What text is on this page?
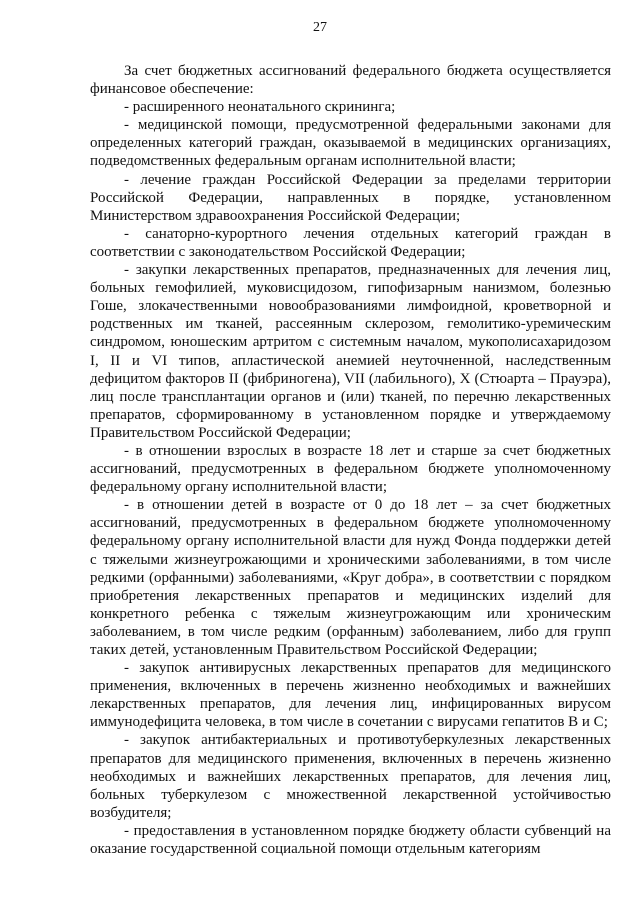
27

За счет бюджетных ассигнований федерального бюджета осуществляется финансовое обеспечение:

- расширенного неонатального скрининга;

- медицинской помощи, предусмотренной федеральными законами для определенных категорий граждан, оказываемой в медицинских организациях, подведомственных федеральным органам исполнительной власти;

- лечение граждан Российской Федерации за пределами территории Российской Федерации, направленных в порядке, установленном Министерством здравоохранения Российской Федерации;

- санаторно-курортного лечения отдельных категорий граждан в соответствии с законодательством Российской Федерации;

- закупки лекарственных препаратов, предназначенных для лечения лиц, больных гемофилией, муковисцидозом, гипофизарным нанизмом, болезнью Гоше, злокачественными новообразованиями лимфоидной, кроветворной и родственных им тканей, рассеянным склерозом, гемолитико-уремическим синдромом, юношеским артритом с системным началом, мукополисахаридозом I, II и VI типов, апластической анемией неуточненной, наследственным дефицитом факторов II (фибриногена), VII (лабильного), X (Стюарта – Прауэра), лиц после трансплантации органов и (или) тканей, по перечню лекарственных препаратов, сформированному в установленном порядке и утверждаемому Правительством Российской Федерации;

- в отношении взрослых в возрасте 18 лет и старше за счет бюджетных ассигнований, предусмотренных в федеральном бюджете уполномоченному федеральному органу исполнительной власти;

- в отношении детей в возрасте от 0 до 18 лет – за счет бюджетных ассигнований, предусмотренных в федеральном бюджете уполномоченному федеральному органу исполнительной власти для нужд Фонда поддержки детей с тяжелыми жизнеугрожающими и хроническими заболеваниями, в том числе редкими (орфанными) заболеваниями, «Круг добра», в соответствии с порядком приобретения лекарственных препаратов и медицинских изделий для конкретного ребенка с тяжелым жизнеугрожающим или хроническим заболеванием, в том числе редким (орфанным) заболеванием, либо для групп таких детей, установленным Правительством Российской Федерации;

- закупок антивирусных лекарственных препаратов для медицинского применения, включенных в перечень жизненно необходимых и важнейших лекарственных препаратов, для лечения лиц, инфицированных вирусом иммунодефицита человека, в том числе в сочетании с вирусами гепатитов B и C;

- закупок антибактериальных и противотуберкулезных лекарственных препаратов для медицинского применения, включенных в перечень жизненно необходимых и важнейших лекарственных препаратов, для лечения лиц, больных туберкулезом с множественной лекарственной устойчивостью возбудителя;

- предоставления в установленном порядке бюджету области субвенций на оказание государственной социальной помощи отдельным категориям
